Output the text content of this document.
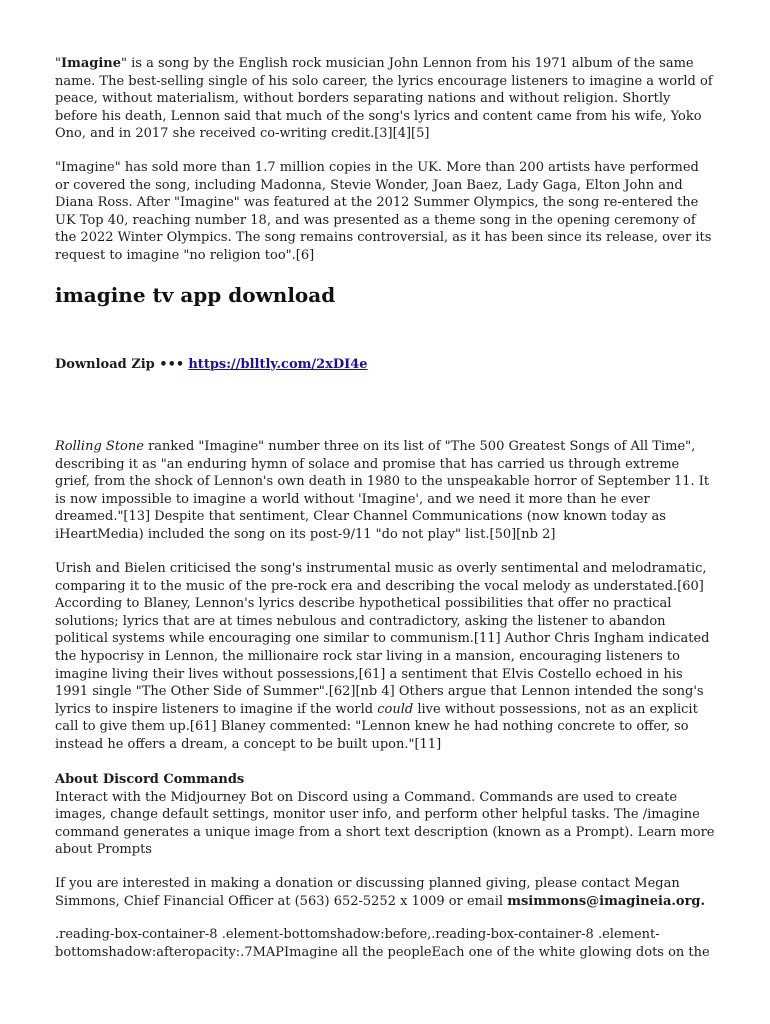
"Imagine" is a song by the English rock musician John Lennon from his 1971 album of the same name. The best-selling single of his solo career, the lyrics encourage listeners to imagine a world of peace, without materialism, without borders separating nations and without religion. Shortly before his death, Lennon said that much of the song's lyrics and content came from his wife, Yoko Ono, and in 2017 she received co-writing credit.[3][4][5]

"Imagine" has sold more than 1.7 million copies in the UK. More than 200 artists have performed or covered the song, including Madonna, Stevie Wonder, Joan Baez, Lady Gaga, Elton John and Diana Ross. After "Imagine" was featured at the 2012 Summer Olympics, the song re-entered the UK Top 40, reaching number 18, and was presented as a theme song in the opening ceremony of the 2022 Winter Olympics. The song remains controversial, as it has been since its release, over its request to imagine "no religion too".[6]

imagine tv app download

Download Zip ••• https://blltly.com/2xDI4e

Rolling Stone ranked "Imagine" number three on its list of "The 500 Greatest Songs of All Time", describing it as "an enduring hymn of solace and promise that has carried us through extreme grief, from the shock of Lennon's own death in 1980 to the unspeakable horror of September 11. It is now impossible to imagine a world without 'Imagine', and we need it more than he ever dreamed."[13] Despite that sentiment, Clear Channel Communications (now known today as iHeartMedia) included the song on its post-9/11 "do not play" list.[50][nb 2]

Urish and Bielen criticised the song's instrumental music as overly sentimental and melodramatic, comparing it to the music of the pre-rock era and describing the vocal melody as understated.[60] According to Blaney, Lennon's lyrics describe hypothetical possibilities that offer no practical solutions; lyrics that are at times nebulous and contradictory, asking the listener to abandon political systems while encouraging one similar to communism.[11] Author Chris Ingham indicated the hypocrisy in Lennon, the millionaire rock star living in a mansion, encouraging listeners to imagine living their lives without possessions,[61] a sentiment that Elvis Costello echoed in his 1991 single "The Other Side of Summer".[62][nb 4] Others argue that Lennon intended the song's lyrics to inspire listeners to imagine if the world could live without possessions, not as an explicit call to give them up.[61] Blaney commented: "Lennon knew he had nothing concrete to offer, so instead he offers a dream, a concept to be built upon."[11]

About Discord Commands
Interact with the Midjourney Bot on Discord using a Command. Commands are used to create images, change default settings, monitor user info, and perform other helpful tasks. The /imagine command generates a unique image from a short text description (known as a Prompt). Learn more about Prompts

If you are interested in making a donation or discussing planned giving, please contact Megan Simmons, Chief Financial Officer at (563) 652-5252 x 1009 or email msimmons@imagineia.org.

.reading-box-container-8 .element-bottomshadow:before,.reading-box-container-8 .element-bottomshadow:afteropacity:.7MAPImagine all the peopleEach one of the white glowing dots on the
